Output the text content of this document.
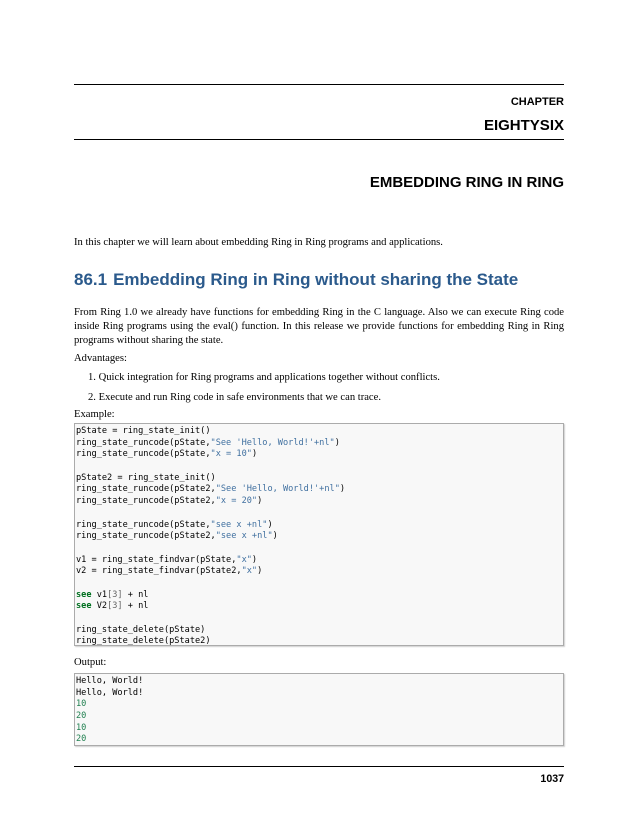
CHAPTER
EIGHTYSIX
EMBEDDING RING IN RING

In this chapter we will learn about embedding Ring in Ring programs and applications.

86.1 Embedding Ring in Ring without sharing the State

From Ring 1.0 we already have functions for embedding Ring in the C language. Also we can execute Ring code inside Ring programs using the eval() function. In this release we provide functions for embedding Ring in Ring programs without sharing the state.

Advantages:

1. Quick integration for Ring programs and applications together without conflicts.
2. Execute and run Ring code in safe environments that we can trace.

Example:

pState = ring_state_init()
ring_state_runcode(pState,"See 'Hello, World!'+nl")
ring_state_runcode(pState,"x = 10")
pState2 = ring_state_init()
ring_state_runcode(pState2,"See 'Hello, World!'+nl")
ring_state_runcode(pState2,"x = 20")
ring_state_runcode(pState,"see x +nl")
ring_state_runcode(pState2,"see x +nl")
v1 = ring_state_findvar(pState,"x")
v2 = ring_state_findvar(pState2,"x")
see v1[3] + nl
see V2[3] + nl
ring_state_delete(pState)
ring_state_delete(pState2)

Output:

Hello, World!
Hello, World!
10
20
10
20
1037
